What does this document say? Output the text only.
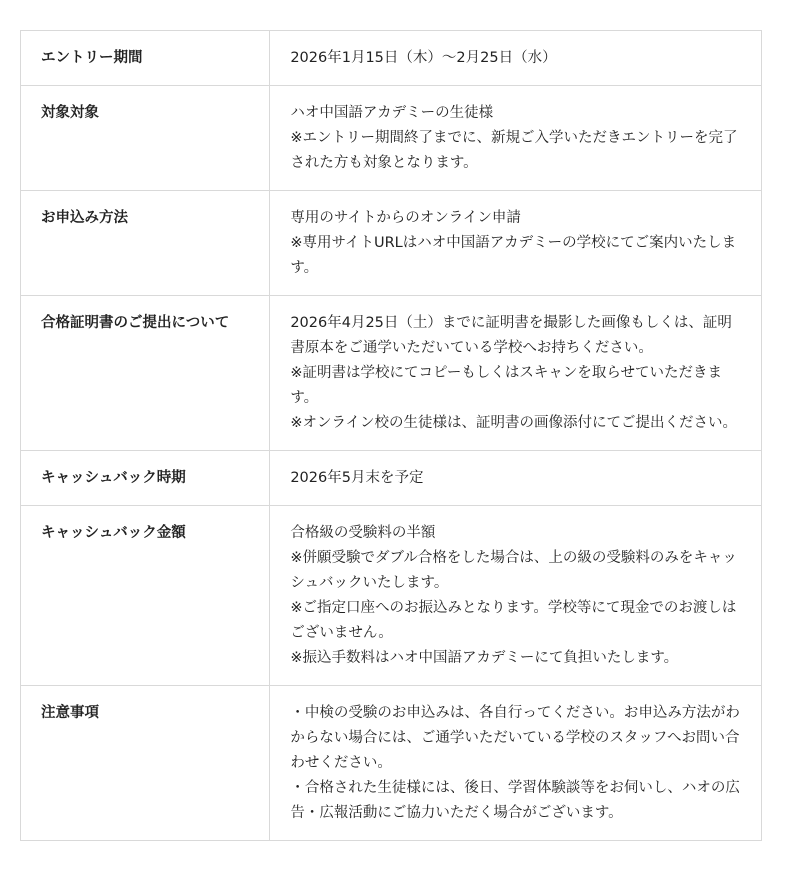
エントリー期間	2026年1月15日（木）〜2月25日（水）

対象対象	ハオ中国語アカデミーの生徒様
※エントリー期間終了までに、新規ご入学いただきエントリーを完了された方も対象となります。

お申込み方法	専用のサイトからのオンライン申請
※専用サイトURLはハオ中国語アカデミーの学校にてご案内いたします。

合格証明書のご提出について	2026年4月25日（土）までに証明書を撮影した画像もしくは、証明書原本をご通学いただいている学校へお持ちください。
※証明書は学校にてコピーもしくはスキャンを取らせていただきます。
※オンライン校の生徒様は、証明書の画像添付にてご提出ください。

キャッシュバック時期	2026年5月末を予定

キャッシュバック金額	合格級の受験料の半額
※併願受験でダブル合格をした場合は、上の級の受験料のみをキャッシュバックいたします。
※ご指定口座へのお振込みとなります。学校等にて現金でのお渡しはございません。
※振込手数料はハオ中国語アカデミーにて負担いたします。

注意事項	・中検の受験のお申込みは、各自行ってください。お申込み方法がわからない場合には、ご通学いただいている学校のスタッフへお問い合わせください。
・合格された生徒様には、後日、学習体験談等をお伺いし、ハオの広告・広報活動にご協力いただく場合がございます。
